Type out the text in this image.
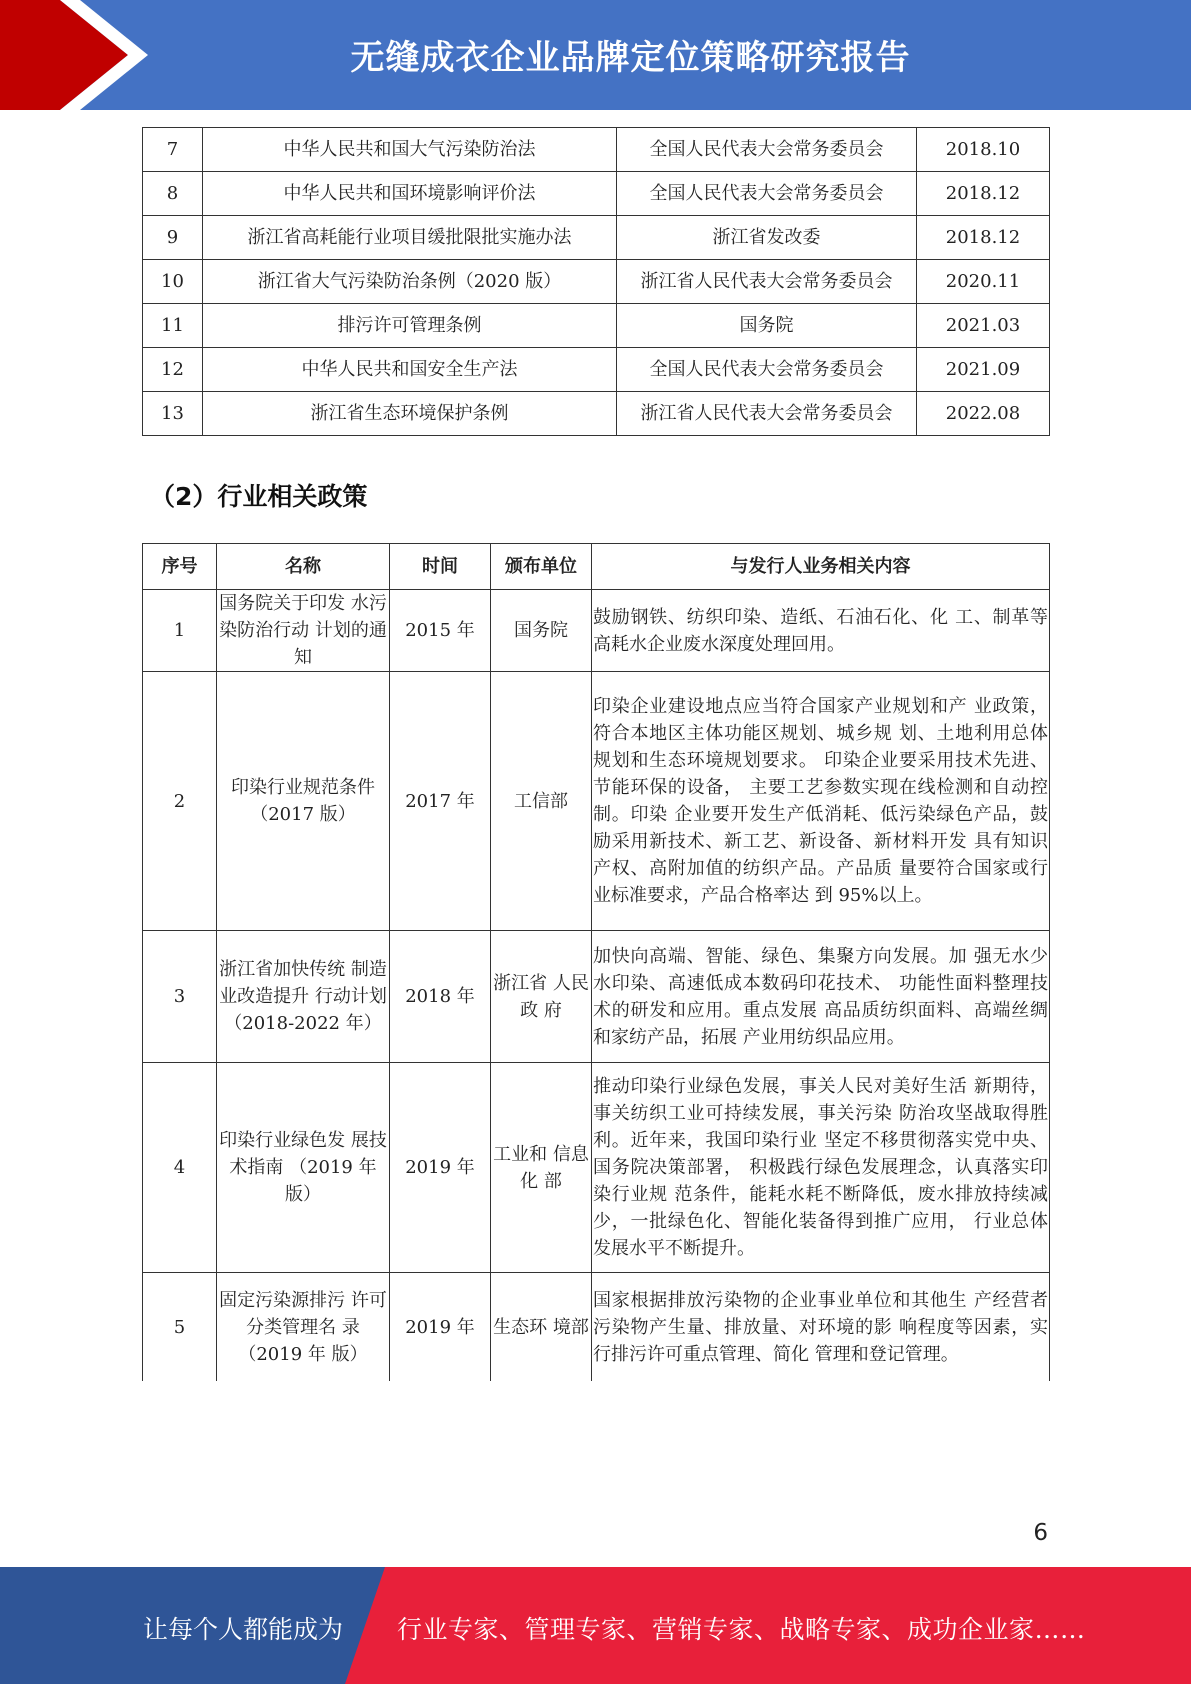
无缝成衣企业品牌定位策略研究报告
7	中华人民共和国大气污染防治法	全国人民代表大会常务委员会	2018.10
8	中华人民共和国环境影响评价法	全国人民代表大会常务委员会	2018.12
9	浙江省高耗能行业项目缓批限批实施办法	浙江省发改委	2018.12
10	浙江省大气污染防治条例（2020 版）	浙江省人民代表大会常务委员会	2020.11
11	排污许可管理条例	国务院	2021.03
12	中华人民共和国安全生产法	全国人民代表大会常务委员会	2021.09
13	浙江省生态环境保护条例	浙江省人民代表大会常务委员会	2022.08
（2）行业相关政策
序号	名称	时间	颁布单位	与发行人业务相关内容
1	国务院关于印发 水污染防治行动 计划的通知	2015 年	国务院	鼓励钢铁、纺织印染、造纸、石油石化、化 工、制革等高耗水企业废水深度处理回用。
2	印染行业规范条件（2017 版）	2017 年	工信部	印染企业建设地点应当符合国家产业规划和产 业政策，符合本地区主体功能区规划、城乡规 划、土地利用总体规划和生态环境规划要求。 印染企业要采用技术先进、节能环保的设备， 主要工艺参数实现在线检测和自动控制。印染 企业要开发生产低消耗、低污染绿色产品，鼓 励采用新技术、新工艺、新设备、新材料开发 具有知识产权、高附加值的纺织产品。产品质 量要符合国家或行业标准要求，产品合格率达 到 95%以上。
3	浙江省加快传统 制造业改造提升 行动计划 （2018-2022 年）	2018 年	浙江省 人民政 府	加快向高端、智能、绿色、集聚方向发展。加 强无水少水印染、高速低成本数码印花技术、 功能性面料整理技术的研发和应用。重点发展 高品质纺织面料、高端丝绸和家纺产品，拓展 产业用纺织品应用。
4	印染行业绿色发 展技术指南 （2019 年版）	2019 年	工业和 信息化 部	推动印染行业绿色发展，事关人民对美好生活 新期待，事关纺织工业可持续发展，事关污染 防治攻坚战取得胜利。近年来，我国印染行业 坚定不移贯彻落实党中央、国务院决策部署， 积极践行绿色发展理念，认真落实印染行业规 范条件，能耗水耗不断降低，废水排放持续减 少，一批绿色化、智能化装备得到推广应用， 行业总体发展水平不断提升。
5	固定污染源排污 许可分类管理名 录（2019 年 版）	2019 年	生态环 境部	国家根据排放污染物的企业事业单位和其他生 产经营者污染物产生量、排放量、对环境的影 响程度等因素，实行排污许可重点管理、简化 管理和登记管理。
6
让每个人都能成为 行业专家、管理专家、营销专家、战略专家、成功企业家……
